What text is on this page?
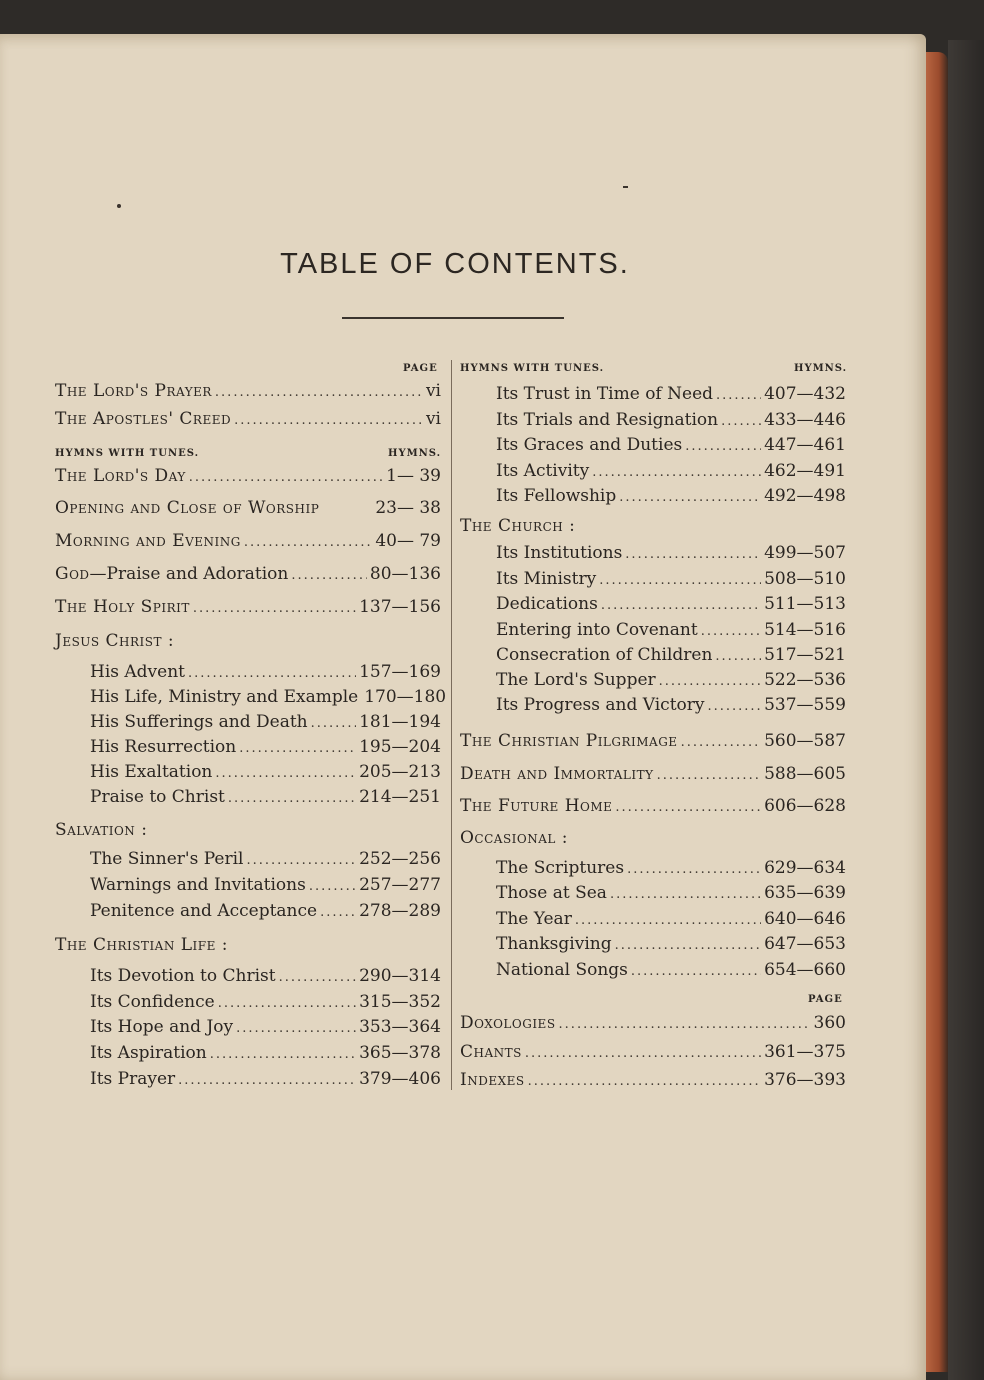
TABLE OF CONTENTS.
PAGE
The Lord's Prayer .....	vi
The Apostles' Creed .....	vi
HYMNS WITH TUNES.	HYMNS.
The Lord's Day .....	1— 39
Opening and Close of Worship	23— 38
Morning and Evening .....	40— 79
God—Praise and Adoration .....	80—136
The Holy Spirit .....	137—156
Jesus Christ :
His Advent .....	157—169
His Life, Ministry and Example 170—180
His Sufferings and Death .....	181—194
His Resurrection .....	195—204
His Exaltation .....	205—213
Praise to Christ .....	214—251
Salvation :
The Sinner's Peril .....	252—256
Warnings and Invitations .....	257—277
Penitence and Acceptance ..... 278—289
The Christian Life :
Its Devotion to Christ .....	290—314
Its Confidence .....	315—352
Its Hope and Joy .....	353—364
Its Aspiration .....	365—378
Its Prayer .....	379—406
HYMNS WITH TUNES.	HYMNS.
Its Trust in Time of Need .....	407—432
Its Trials and Resignation .....	433—446
Its Graces and Duties .....	447—461
Its Activity .....	462—491
Its Fellowship .....	492—498
The Church :
Its Institutions .....	499—507
Its Ministry .....	508—510
Dedications .....	511—513
Entering into Covenant .....	514—516
Consecration of Children .....	517—521
The Lord's Supper .....	522—536
Its Progress and Victory .....	537—559
The Christian Pilgrimage .....	560—587
Death and Immortality .....	588—605
The Future Home .....	606—628
Occasional :
The Scriptures .....	629—634
Those at Sea .....	635—639
The Year .....	640—646
Thanksgiving .....	647—653
National Songs .....	654—660
PAGE
Doxologies .....	360
Chants .....	361—375
Indexes .....	376—393
